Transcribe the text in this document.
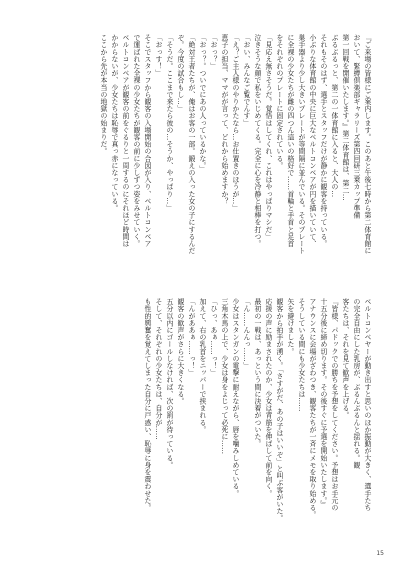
『ご来場の皆様にご案内します。このあと午後七時から第二体育館に

おいて、緊縛倶楽部ギャラリーズ第四回研三乗カップ準備

第一回戦を開催いたします。』第二体育館は、第二…

ぶるぶるっと、第二の一体育館に入ると、大人の…

それもそのはず、選手とスタッフだけが静かに観客を持っている。

小ぶりな体育館の中央に巨大なベルトコンベアが円を描いていて、

巣手器より少し大きいプレートが等間隔に並んでいる。そのプレート

に全裸の少女たちが雌の四つん這いの格好で……首輪と手首と足首

をそれぞれのプレートに固定されている。

「見応え無さそうだ。覚悟はしてくれ、これはやっぱりマシだ」

泣きそうな顔で私をいじめてくる。完全に心を冷静と相棒を打つ。

「おい、みんなご覧でんす」

「え？ご主人様のやりかたなら…お仕置きのほうが…」

恵子の担当、ママがが言って、どれから始めますか？

「おっ？」

「おっ？。ついでにあの人っているかな。」

「絶対王者たちが、俺はお客の一部。鍛えの入った女の子にするんだ

ぞ。今度の試合もし…」

「そうだ。ここまで来たら彼の…そうか、やっぱり…」

「おっす！」

そこでスタッフから観客の入場開始の合図が入り、ベルトコンベア

で運ばれた全裸の少女たちが観客の前に少しずつ姿をみせていく。

ベルトコンベアが観客の前をぐるりと一周するのにそれほど時間は

かからないが、少女たちは恥辱で真っ赤になっている。

ここから先が本当の地獄の始まりだ。

ベルトコンベヤーが動き出すと思いのほか振動が大きく、選手たち

の完全自由にした乳房が、ぶるんぶるんと揺れる。観

客たちは、それを見て歓声を上げる。

『皆様、パドックでの勝ちを予想をしてください。予想はお手元の

十五分後に締め切ります。その後すぐに予選を開始いたします。』

アナウンスに会場がざわつき、観客たちが一斉にメモを取り始める。

そうしている間にも少女たちは……

矢を避けました。

観客から拍手が湧く。「さすがだ、あの子はいいぞ」と叫ぶ客がいた。

応援の声に励まされたのか、少女は背筋を伸ばして前を向く。

最初の一戦は、あっという間に決着がついた。

「ん……んんっ……」

少女はスタンガンの電撃に耐えながら、唇を噛みしめている。

三角木馬の上で、少女は身をよじって必死に……

「ひっ、あぁ……っ！」

加えて、右の乳首をニッパーで挟まれる。

「んがああぁ……っ！」

観客の歓声がさらに大きくなる。

五分以内にゴールしなければ、次の罰が待っている。

そして、それぞれの少女たちは、自分が……

も性的興奮を覚えてしまった自分に戸惑い、恥辱に身を震わせた。

15
